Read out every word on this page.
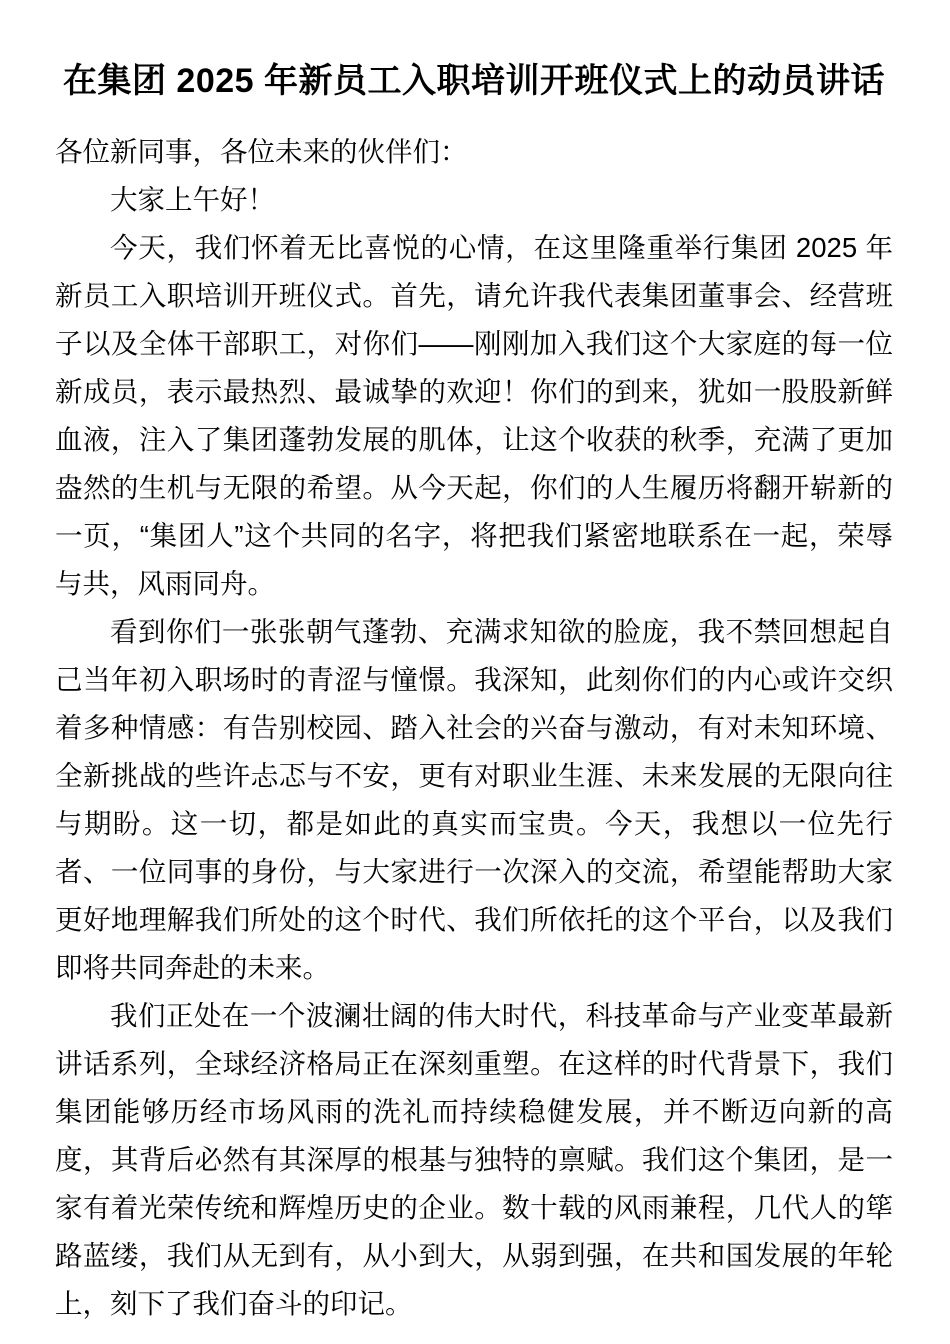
在集团 2025 年新员工入职培训开班仪式上的动员讲话

各位新同事，各位未来的伙伴们：

大家上午好！

今天，我们怀着无比喜悦的心情，在这里隆重举行集团 2025 年新员工入职培训开班仪式。首先，请允许我代表集团董事会、经营班子以及全体干部职工，对你们——刚刚加入我们这个大家庭的每一位新成员，表示最热烈、最诚挚的欢迎！你们的到来，犹如一股股新鲜血液，注入了集团蓬勃发展的肌体，让这个收获的秋季，充满了更加盎然的生机与无限的希望。从今天起，你们的人生履历将翻开崭新的一页，“集团人”这个共同的名字，将把我们紧密地联系在一起，荣辱与共，风雨同舟。

看到你们一张张朝气蓬勃、充满求知欲的脸庞，我不禁回想起自己当年初入职场时的青涩与憧憬。我深知，此刻你们的内心或许交织着多种情感：有告别校园、踏入社会的兴奋与激动，有对未知环境、全新挑战的些许忐忑与不安，更有对职业生涯、未来发展的无限向往与期盼。这一切，都是如此的真实而宝贵。今天，我想以一位先行者、一位同事的身份，与大家进行一次深入的交流，希望能帮助大家更好地理解我们所处的这个时代、我们所依托的这个平台，以及我们即将共同奔赴的未来。

我们正处在一个波澜壮阔的伟大时代，科技革命与产业变革最新讲话系列，全球经济格局正在深刻重塑。在这样的时代背景下，我们集团能够历经市场风雨的洗礼而持续稳健发展，并不断迈向新的高度，其背后必然有其深厚的根基与独特的禀赋。我们这个集团，是一家有着光荣传统和辉煌历史的企业。数十载的风雨兼程，几代人的筚路蓝缕，我们从无到有，从小到大，从弱到强，在共和国发展的年轮上，刻下了我们奋斗的印记。
